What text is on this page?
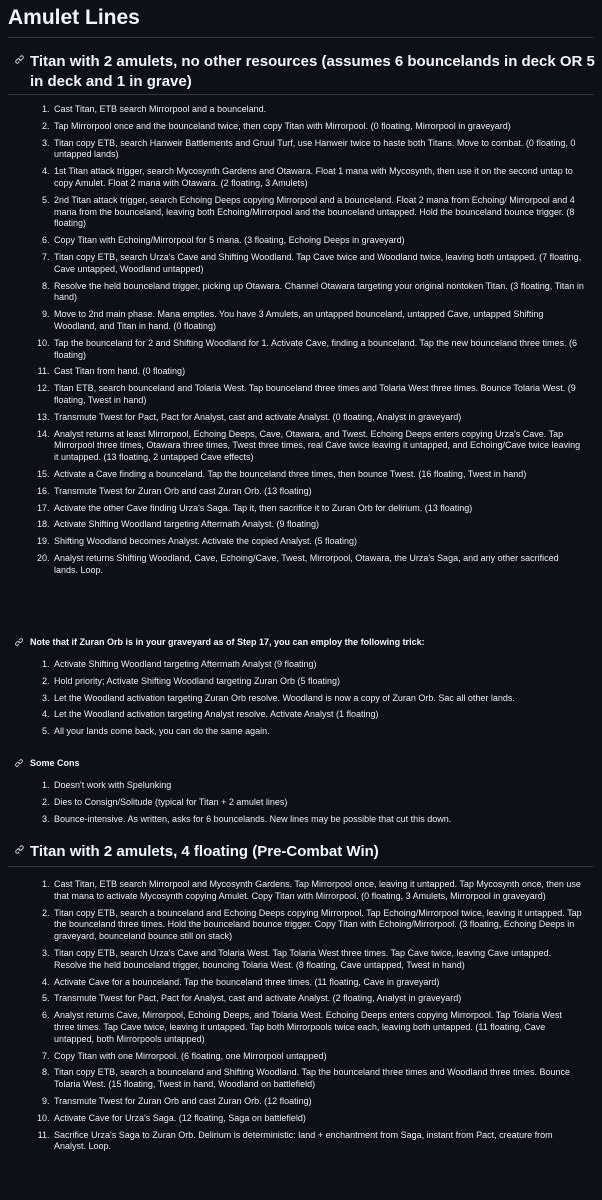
Amulet Lines
Titan with 2 amulets, no other resources (assumes 6 bouncelands in deck OR 5 in deck and 1 in grave)
1. Cast Titan, ETB search Mirrorpool and a bounceland.
2. Tap Mirrorpool once and the bounceland twice, then copy Titan with Mirrorpool. (0 floating, Mirrorpool in graveyard)
3. Titan copy ETB, search Hanweir Battlements and Gruul Turf, use Hanweir twice to haste both Titans. Move to combat. (0 floating, 0 untapped lands)
4. 1st Titan attack trigger, search Mycosynth Gardens and Otawara. Float 1 mana with Mycosynth, then use it on the second untap to copy Amulet. Float 2 mana with Otawara. (2 floating, 3 Amulets)
5. 2nd Titan attack trigger, search Echoing Deeps copying Mirrorpool and a bounceland. Float 2 mana from Echoing/ Mirrorpool and 4 mana from the bounceland, leaving both Echoing/Mirrorpool and the bounceland untapped. Hold the bounceland bounce trigger. (8 floating)
6. Copy Titan with Echoing/Mirrorpool for 5 mana. (3 floating, Echoing Deeps in graveyard)
7. Titan copy ETB, search Urza's Cave and Shifting Woodland. Tap Cave twice and Woodland twice, leaving both untapped. (7 floating, Cave untapped, Woodland untapped)
8. Resolve the held bounceland trigger, picking up Otawara. Channel Otawara targeting your original nontoken Titan. (3 floating, Titan in hand)
9. Move to 2nd main phase. Mana empties. You have 3 Amulets, an untapped bounceland, untapped Cave, untapped Shifting Woodland, and Titan in hand. (0 floating)
10. Tap the bounceland for 2 and Shifting Woodland for 1. Activate Cave, finding a bounceland. Tap the new bounceland three times. (6 floating)
11. Cast Titan from hand. (0 floating)
12. Titan ETB, search bounceland and Tolaria West. Tap bounceland three times and Tolaria West three times. Bounce Tolaria West. (9 floating, Twest in hand)
13. Transmute Twest for Pact, Pact for Analyst, cast and activate Analyst. (0 floating, Analyst in graveyard)
14. Analyst returns at least Mirrorpool, Echoing Deeps, Cave, Otawara, and Twest. Echoing Deeps enters copying Urza's Cave. Tap Mirrorpool three times, Otawara three times, Twest three times, real Cave twice leaving it untapped, and Echoing/Cave twice leaving it untapped. (13 floating, 2 untapped Cave effects)
15. Activate a Cave finding a bounceland. Tap the bounceland three times, then bounce Twest. (16 floating, Twest in hand)
16. Transmute Twest for Zuran Orb and cast Zuran Orb. (13 floating)
17. Activate the other Cave finding Urza's Saga. Tap it, then sacrifice it to Zuran Orb for delirium. (13 floating)
18. Activate Shifting Woodland targeting Aftermath Analyst. (9 floating)
19. Shifting Woodland becomes Analyst. Activate the copied Analyst. (5 floating)
20. Analyst returns Shifting Woodland, Cave, Echoing/Cave, Twest, Mirrorpool, Otawara, the Urza's Saga, and any other sacrificed lands. Loop.
Note that if Zuran Orb is in your graveyard as of Step 17, you can employ the following trick:
1. Activate Shifting Woodland targeting Aftermath Analyst (9 floating)
2. Hold priority; Activate Shifting Woodland targeting Zuran Orb (5 floating)
3. Let the Woodland activation targeting Zuran Orb resolve. Woodland is now a copy of Zuran Orb. Sac all other lands.
4. Let the Woodland activation targeting Analyst resolve. Activate Analyst (1 floating)
5. All your lands come back, you can do the same again.
Some Cons
1. Doesn't work with Spelunking
2. Dies to Consign/Solitude (typical for Titan + 2 amulet lines)
3. Bounce-intensive. As written, asks for 6 bouncelands. New lines may be possible that cut this down.
Titan with 2 amulets, 4 floating (Pre-Combat Win)
1. Cast Titan, ETB search Mirrorpool and Mycosynth Gardens. Tap Mirrorpool once, leaving it untapped. Tap Mycosynth once, then use that mana to activate Mycosynth copying Amulet. Copy Titan with Mirrorpool. (0 floating, 3 Amulets, Mirrorpool in graveyard)
2. Titan copy ETB, search a bounceland and Echoing Deeps copying Mirrorpool. Tap Echoing/Mirrorpool twice, leaving it untapped. Tap the bounceland three times. Hold the bounceland bounce trigger. Copy Titan with Echoing/Mirrorpool. (3 floating, Echoing Deeps in graveyard, bounceland bounce still on stack)
3. Titan copy ETB, search Urza's Cave and Tolaria West. Tap Tolaria West three times. Tap Cave twice, leaving Cave untapped. Resolve the held bounceland trigger, bouncing Tolaria West. (8 floating, Cave untapped, Twest in hand)
4. Activate Cave for a bounceland. Tap the bounceland three times. (11 floating, Cave in graveyard)
5. Transmute Twest for Pact, Pact for Analyst, cast and activate Analyst. (2 floating, Analyst in graveyard)
6. Analyst returns Cave, Mirrorpool, Echoing Deeps, and Tolaria West. Echoing Deeps enters copying Mirrorpool. Tap Tolaria West three times. Tap Cave twice, leaving it untapped. Tap both Mirrorpools twice each, leaving both untapped. (11 floating, Cave untapped, both Mirrorpools untapped)
7. Copy Titan with one Mirrorpool. (6 floating, one Mirrorpool untapped)
8. Titan copy ETB, search a bounceland and Shifting Woodland. Tap the bounceland three times and Woodland three times. Bounce Tolaria West. (15 floating, Twest in hand, Woodland on battlefield)
9. Transmute Twest for Zuran Orb and cast Zuran Orb. (12 floating)
10. Activate Cave for Urza's Saga. (12 floating, Saga on battlefield)
11. Sacrifice Urza's Saga to Zuran Orb. Delirium is deterministic: land + enchantment from Saga, instant from Pact, creature from Analyst. Loop.
